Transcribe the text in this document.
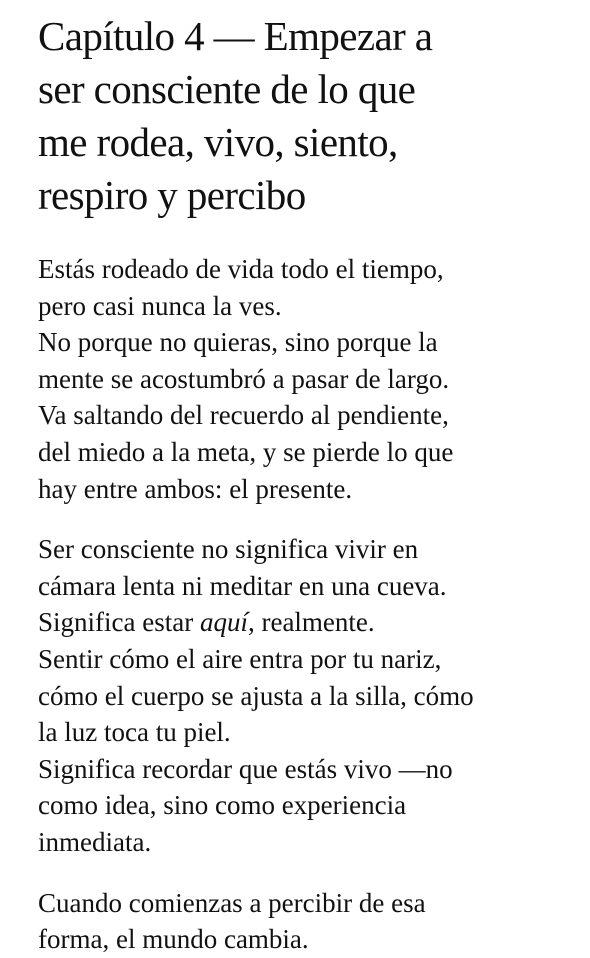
Capítulo 4 — Empezar a
ser consciente de lo que
me rodea, vivo, siento,
respiro y percibo

Estás rodeado de vida todo el tiempo,
pero casi nunca la ves.
No porque no quieras, sino porque la
mente se acostumbró a pasar de largo.
Va saltando del recuerdo al pendiente,
del miedo a la meta, y se pierde lo que
hay entre ambos: el presente.

Ser consciente no significa vivir en
cámara lenta ni meditar en una cueva.
Significa estar aquí, realmente.
Sentir cómo el aire entra por tu nariz,
cómo el cuerpo se ajusta a la silla, cómo
la luz toca tu piel.
Significa recordar que estás vivo —no
como idea, sino como experiencia
inmediata.

Cuando comienzas a percibir de esa
forma, el mundo cambia.
